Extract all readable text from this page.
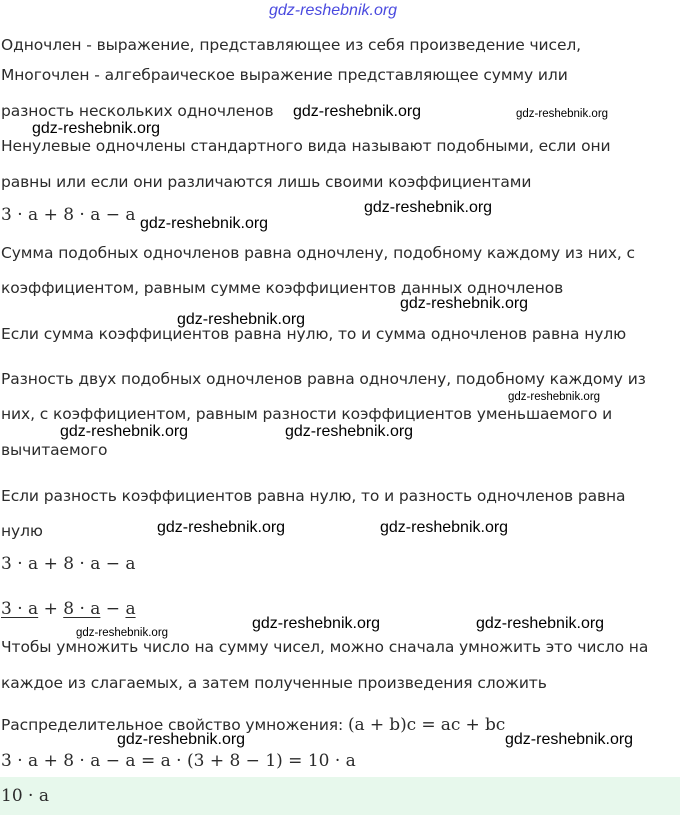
gdz-reshebnik.org
Одночлен - выражение, представляющее из себя произведение чисел,
Многочлен - алгебраическое выражение представляющее сумму или
разность нескольких одночленов
Ненулевые одночлены стандартного вида называют подобными, если они
равны или если они различаются лишь своими коэффициентами
3 · a + 8 · a − a
Сумма подобных одночленов равна одночлену, подобному каждому из них, с
коэффициентом, равным сумме коэффициентов данных одночленов
Если сумма коэффициентов равна нулю, то и сумма одночленов равна нулю
Разность двух подобных одночленов равна одночлену, подобному каждому из
них, с коэффициентом, равным разности коэффициентов уменьшаемого и
вычитаемого
Если разность коэффициентов равна нулю, то и разность одночленов равна
нулю
3 · a + 8 · a − a
3 · a + 8 · a − a
Чтобы умножить число на сумму чисел, можно сначала умножить это число на
каждое из слагаемых, а затем полученные произведения сложить
Распределительное свойство умножения: (a + b)c = ac + bc
3 · a + 8 · a − a = a · (3 + 8 − 1) = 10 · a
10 · a
gdz-reshebnik.org	gdz-reshebnik.org
gdz-reshebnik.org
gdz-reshebnik.org
gdz-reshebnik.org
gdz-reshebnik.org
gdz-reshebnik.org
gdz-reshebnik.org
gdz-reshebnik.org	gdz-reshebnik.org
gdz-reshebnik.org	gdz-reshebnik.org
gdz-reshebnik.org	gdz-reshebnik.org
gdz-reshebnik.org
gdz-reshebnik.org	gdz-reshebnik.org
